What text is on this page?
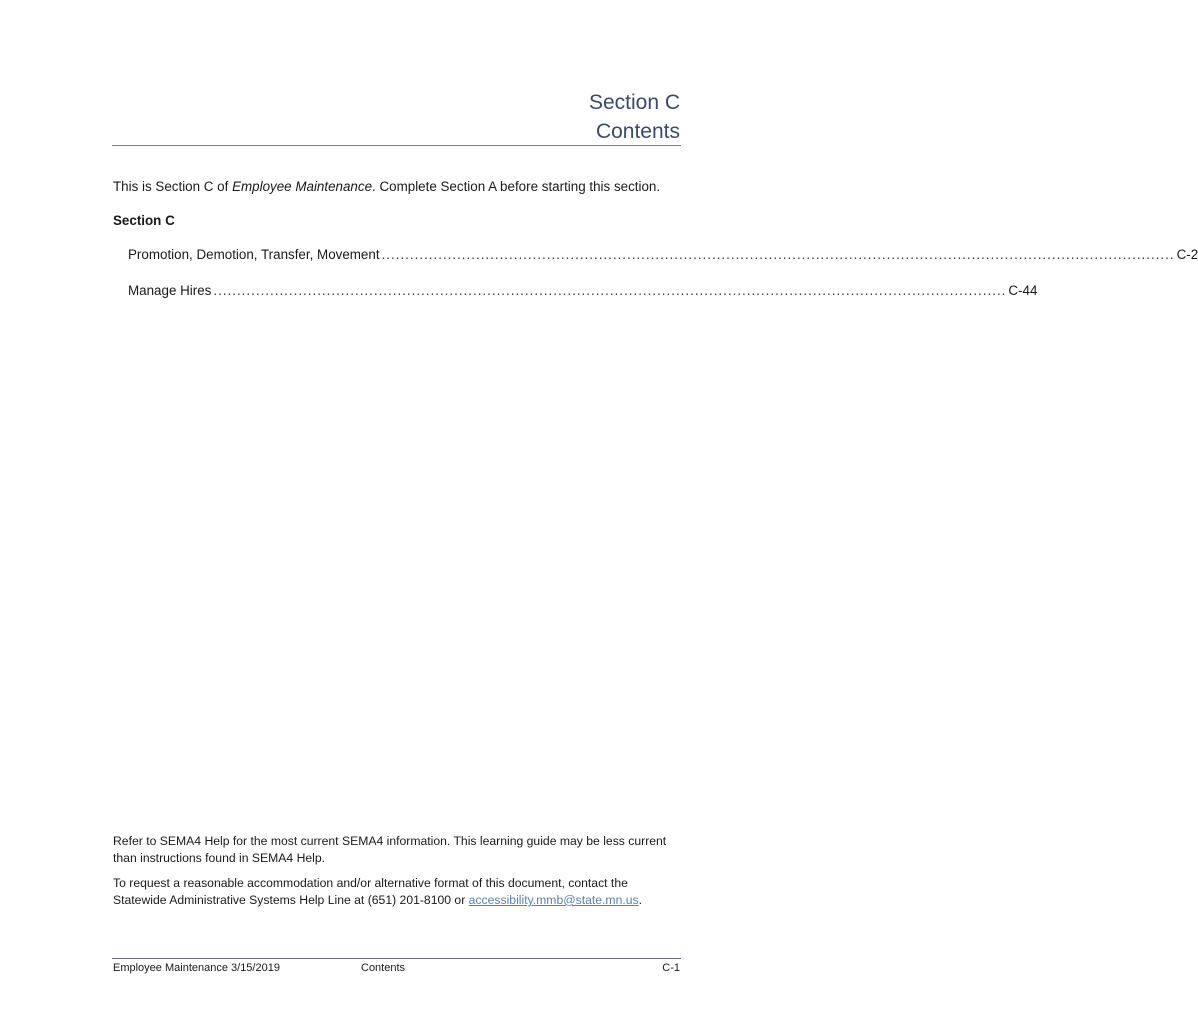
Section C
Contents
This is Section C of Employee Maintenance. Complete Section A before starting this section.
Section C
Promotion, Demotion, Transfer, Movement ........................................................................................................................................................................ C-2
Manage Hires ........................................................................................................................................................................ C-44
Refer to SEMA4 Help for the most current SEMA4 information. This learning guide may be less current than instructions found in SEMA4 Help.
To request a reasonable accommodation and/or alternative format of this document, contact the Statewide Administrative Systems Help Line at (651) 201-8100 or accessibility.mmb@state.mn.us.
Employee Maintenance 3/15/2019	Contents	C-1
